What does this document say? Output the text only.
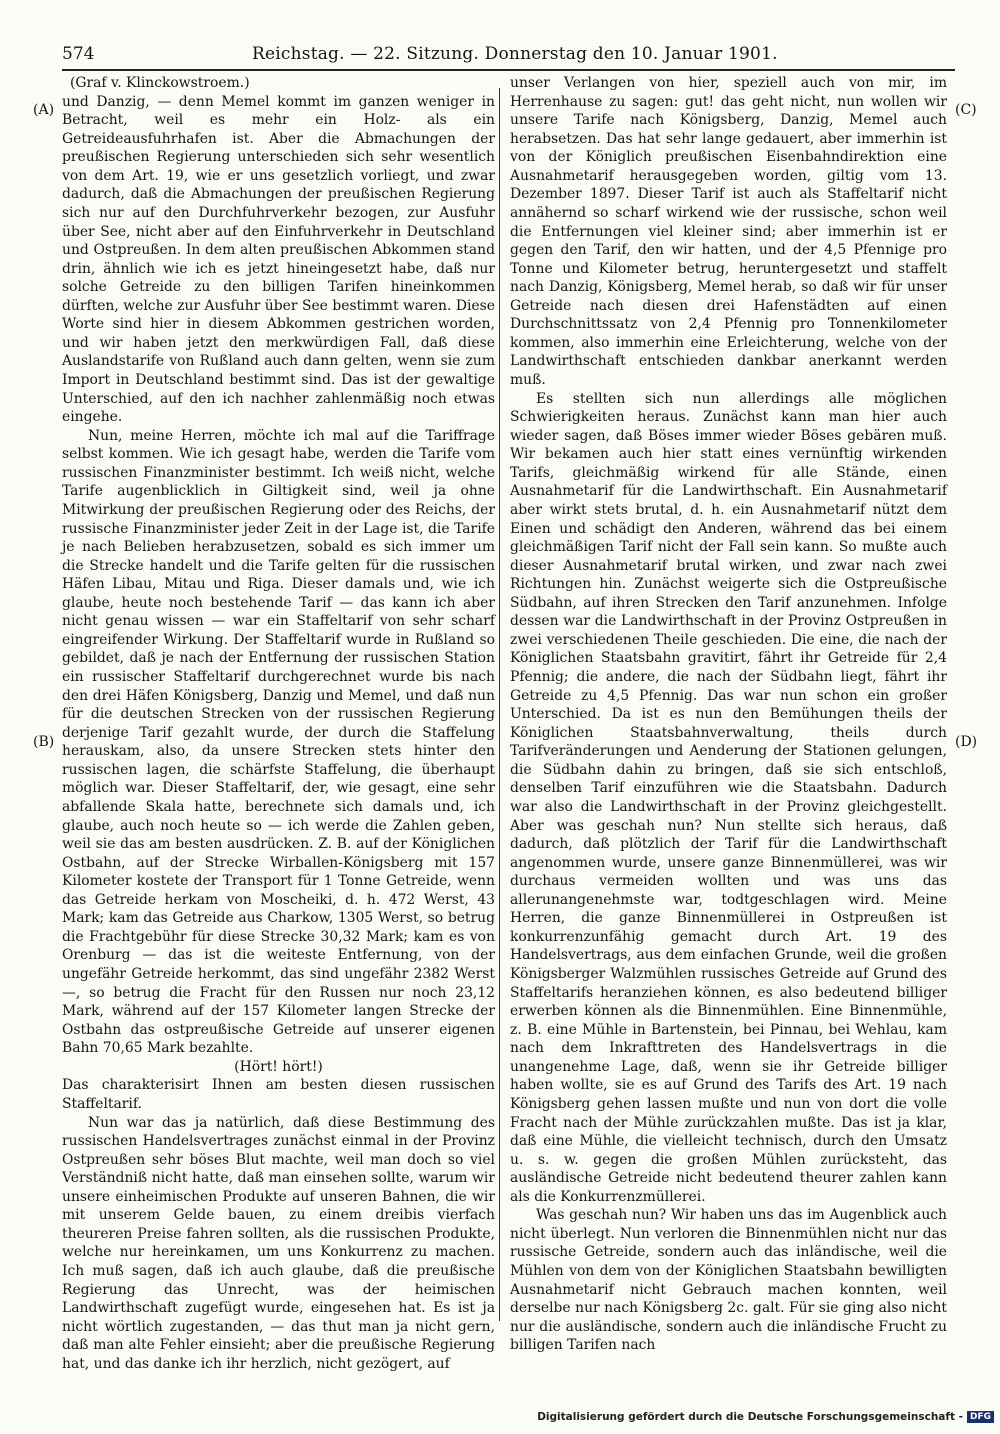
574	Reichstag. — 22. Sitzung. Donnerstag den 10. Januar 1901.

(Graf v. Klinckowstroem.)

und Danzig, — denn Memel kommt im ganzen weniger in Betracht, weil es mehr ein Holz- als ein Getreideausfuhrhafen ist. Aber die Abmachungen der preußischen Regierung unterschieden sich sehr wesentlich von dem Art. 19, wie er uns gesetzlich vorliegt, und zwar dadurch, daß die Abmachungen der preußischen Regierung sich nur auf den Durchfuhrverkehr bezogen, zur Ausfuhr über See, nicht aber auf den Einfuhrverkehr in Deutschland und Ostpreußen. In dem alten preußischen Abkommen stand drin, ähnlich wie ich es jetzt hineingesetzt habe, daß nur solche Getreide zu den billigen Tarifen hineinkommen dürften, welche zur Ausfuhr über See bestimmt waren. Diese Worte sind hier in diesem Abkommen gestrichen worden, und wir haben jetzt den merkwürdigen Fall, daß diese Auslandstarife von Rußland auch dann gelten, wenn sie zum Import in Deutschland bestimmt sind. Das ist der gewaltige Unterschied, auf den ich nachher zahlenmäßig noch etwas eingehe.

Nun, meine Herren, möchte ich mal auf die Tariffrage selbst kommen. Wie ich gesagt habe, werden die Tarife vom russischen Finanzminister bestimmt. Ich weiß nicht, welche Tarife augenblicklich in Giltigkeit sind, weil ja ohne Mitwirkung der preußischen Regierung oder des Reichs, der russische Finanzminister jeder Zeit in der Lage ist, die Tarife je nach Belieben herabzusetzen, sobald es sich immer um die Strecke handelt und die Tarife gelten für die russischen Häfen Libau, Mitau und Riga. Dieser damals und, wie ich glaube, heute noch bestehende Tarif — das kann ich aber nicht genau wissen — war ein Staffeltarif von sehr scharf eingreifender Wirkung. Der Staffeltarif wurde in Rußland so gebildet, daß je nach der Entfernung der russischen Station ein russischer Staffeltarif durchgerechnet wurde bis nach den drei Häfen Königsberg, Danzig und Memel, und daß nun für die deutschen Strecken von der russischen Regierung derjenige Tarif gezahlt wurde, der durch die Staffelung herauskam, also, da unsere Strecken stets hinter den russischen lagen, die schärfste Staffelung, die überhaupt möglich war. Dieser Staffeltarif, der, wie gesagt, eine sehr abfallende Skala hatte, berechnete sich damals und, ich glaube, auch noch heute so — ich werde die Zahlen geben, weil sie das am besten ausdrücken. Z. B. auf der Königlichen Ostbahn, auf der Strecke Wirballen-Königsberg mit 157 Kilometer kostete der Transport für 1 Tonne Getreide, wenn das Getreide herkam von Moscheiki, d. h. 472 Werst, 43 Mark; kam das Getreide aus Charkow, 1305 Werst, so betrug die Frachtgebühr für diese Strecke 30,32 Mark; kam es von Orenburg — das ist die weiteste Entfernung, von der ungefähr Getreide herkommt, das sind ungefähr 2382 Werst —, so betrug die Fracht für den Russen nur noch 23,12 Mark, während auf der 157 Kilometer langen Strecke der Ostbahn das ostpreußische Getreide auf unserer eigenen Bahn 70,65 Mark bezahlte.

(Hört! hört!)

Das charakterisirt Ihnen am besten diesen russischen Staffeltarif.

Nun war das ja natürlich, daß diese Bestimmung des russischen Handelsvertrages zunächst einmal in der Provinz Ostpreußen sehr böses Blut machte, weil man doch so viel Verständniß nicht hatte, daß man einsehen sollte, warum wir unsere einheimischen Produkte auf unseren Bahnen, die wir mit unserem Gelde bauen, zu einem dreibis vierfach theureren Preise fahren sollten, als die russischen Produkte, welche nur hereinkamen, um uns Konkurrenz zu machen. Ich muß sagen, daß ich auch glaube, daß die preußische Regierung das Unrecht, was der heimischen Landwirthschaft zugefügt wurde, eingesehen hat. Es ist ja nicht wörtlich zugestanden, — das thut man ja nicht gern, daß man alte Fehler einsieht; aber die preußische Regierung hat, und das danke ich ihr herzlich, nicht gezögert, auf

unser Verlangen von hier, speziell auch von mir, im Herrenhause zu sagen: gut! das geht nicht, nun wollen wir unsere Tarife nach Königsberg, Danzig, Memel auch herabsetzen. Das hat sehr lange gedauert, aber immerhin ist von der Königlich preußischen Eisenbahndirektion eine Ausnahmetarif herausgegeben worden, giltig vom 13. Dezember 1897. Dieser Tarif ist auch als Staffeltarif nicht annähernd so scharf wirkend wie der russische, schon weil die Entfernungen viel kleiner sind; aber immerhin ist er gegen den Tarif, den wir hatten, und der 4,5 Pfennige pro Tonne und Kilometer betrug, heruntergesetzt und staffelt nach Danzig, Königsberg, Memel herab, so daß wir für unser Getreide nach diesen drei Hafenstädten auf einen Durchschnittssatz von 2,4 Pfennig pro Tonnenkilometer kommen, also immerhin eine Erleichterung, welche von der Landwirthschaft entschieden dankbar anerkannt werden muß.

Es stellten sich nun allerdings alle möglichen Schwierigkeiten heraus. Zunächst kann man hier auch wieder sagen, daß Böses immer wieder Böses gebären muß. Wir bekamen auch hier statt eines vernünftig wirkenden Tarifs, gleichmäßig wirkend für alle Stände, einen Ausnahmetarif für die Landwirthschaft. Ein Ausnahmetarif aber wirkt stets brutal, d. h. ein Ausnahmetarif nützt dem Einen und schädigt den Anderen, während das bei einem gleichmäßigen Tarif nicht der Fall sein kann. So mußte auch dieser Ausnahmetarif brutal wirken, und zwar nach zwei Richtungen hin. Zunächst weigerte sich die Ostpreußische Südbahn, auf ihren Strecken den Tarif anzunehmen. Infolge dessen war die Landwirthschaft in der Provinz Ostpreußen in zwei verschiedenen Theile geschieden. Die eine, die nach der Königlichen Staatsbahn gravitirt, fährt ihr Getreide für 2,4 Pfennig; die andere, die nach der Südbahn liegt, fährt ihr Getreide zu 4,5 Pfennig. Das war nun schon ein großer Unterschied. Da ist es nun den Bemühungen theils der Königlichen Staatsbahnverwaltung, theils durch Tarifveränderungen und Aenderung der Stationen gelungen, die Südbahn dahin zu bringen, daß sie sich entschloß, denselben Tarif einzuführen wie die Staatsbahn. Dadurch war also die Landwirthschaft in der Provinz gleichgestellt. Aber was geschah nun? Nun stellte sich heraus, daß dadurch, daß plötzlich der Tarif für die Landwirthschaft angenommen wurde, unsere ganze Binnenmüllerei, was wir durchaus vermeiden wollten und was uns das allerunangenehmste war, todtgeschlagen wird. Meine Herren, die ganze Binnenmüllerei in Ostpreußen ist konkurrenzunfähig gemacht durch Art. 19 des Handelsvertrags, aus dem einfachen Grunde, weil die großen Königsberger Walzmühlen russisches Getreide auf Grund des Staffeltarifs heranziehen können, es also bedeutend billiger erwerben können als die Binnenmühlen. Eine Binnenmühle, z. B. eine Mühle in Bartenstein, bei Pinnau, bei Wehlau, kam nach dem Inkrafttreten des Handelsvertrags in die unangenehme Lage, daß, wenn sie ihr Getreide billiger haben wollte, sie es auf Grund des Tarifs des Art. 19 nach Königsberg gehen lassen mußte und nun von dort die volle Fracht nach der Mühle zurückzahlen mußte. Das ist ja klar, daß eine Mühle, die vielleicht technisch, durch den Umsatz u. s. w. gegen die großen Mühlen zurücksteht, das ausländische Getreide nicht bedeutend theurer zahlen kann als die Konkurrenzmüllerei.

Was geschah nun? Wir haben uns das im Augenblick auch nicht überlegt. Nun verloren die Binnenmühlen nicht nur das russische Getreide, sondern auch das inländische, weil die Mühlen von dem von der Königlichen Staatsbahn bewilligten Ausnahmetarif nicht Gebrauch machen konnten, weil derselbe nur nach Königsberg 2c. galt. Für sie ging also nicht nur die ausländische, sondern auch die inländische Frucht zu billigen Tarifen nach

(A)
(B)
(C)
(D)
Digitalisierung gefördert durch die Deutsche Forschungsgemeinschaft - DFG
